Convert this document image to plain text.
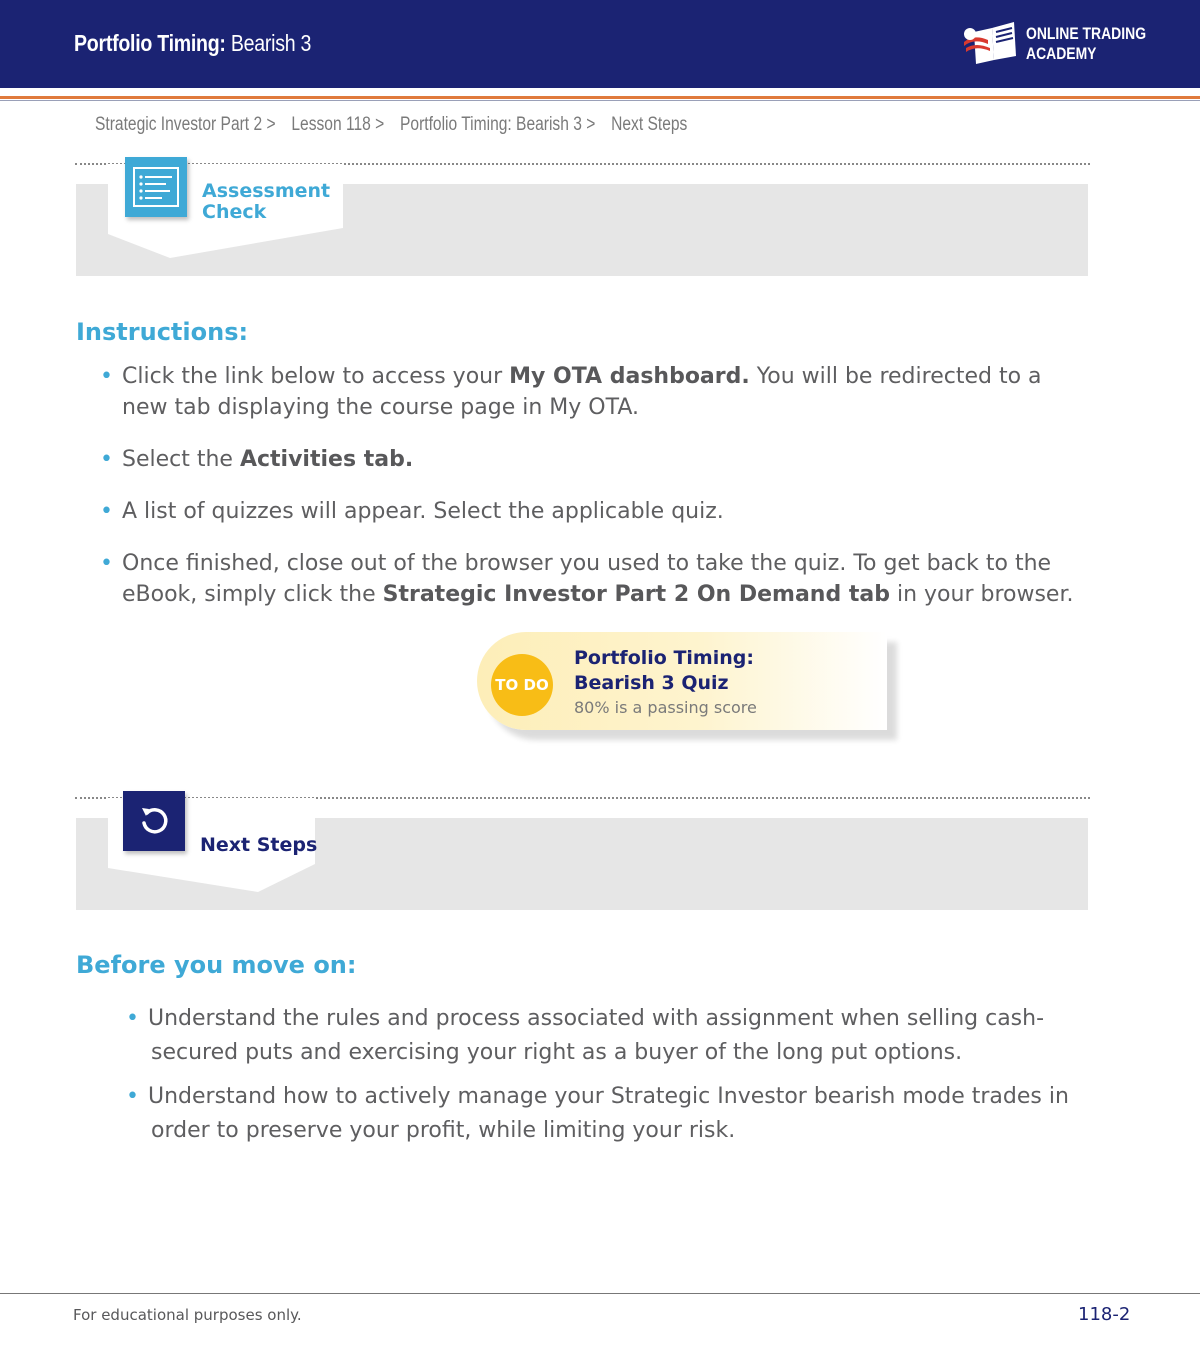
Portfolio Timing: Bearish 3	ONLINE TRADING
ACADEMY
Strategic Investor Part 2 > Lesson 118 > Portfolio Timing: Bearish 3 > Next Steps
Assessment
Check
Instructions:
• Click the link below to access your My OTA dashboard. You will be redirected to a new tab displaying the course page in My OTA.
• Select the Activities tab.
• A list of quizzes will appear. Select the applicable quiz.
• Once finished, close out of the browser you used to take the quiz. To get back to the eBook, simply click the Strategic Investor Part 2 On Demand tab in your browser.
TO DO
Portfolio Timing:
Bearish 3 Quiz
80% is a passing score
Next Steps
Before you move on:
• Understand the rules and process associated with assignment when selling cash-
secured puts and exercising your right as a buyer of the long put options.
• Understand how to actively manage your Strategic Investor bearish mode trades in
order to preserve your profit, while limiting your risk.
For educational purposes only.	118-2
